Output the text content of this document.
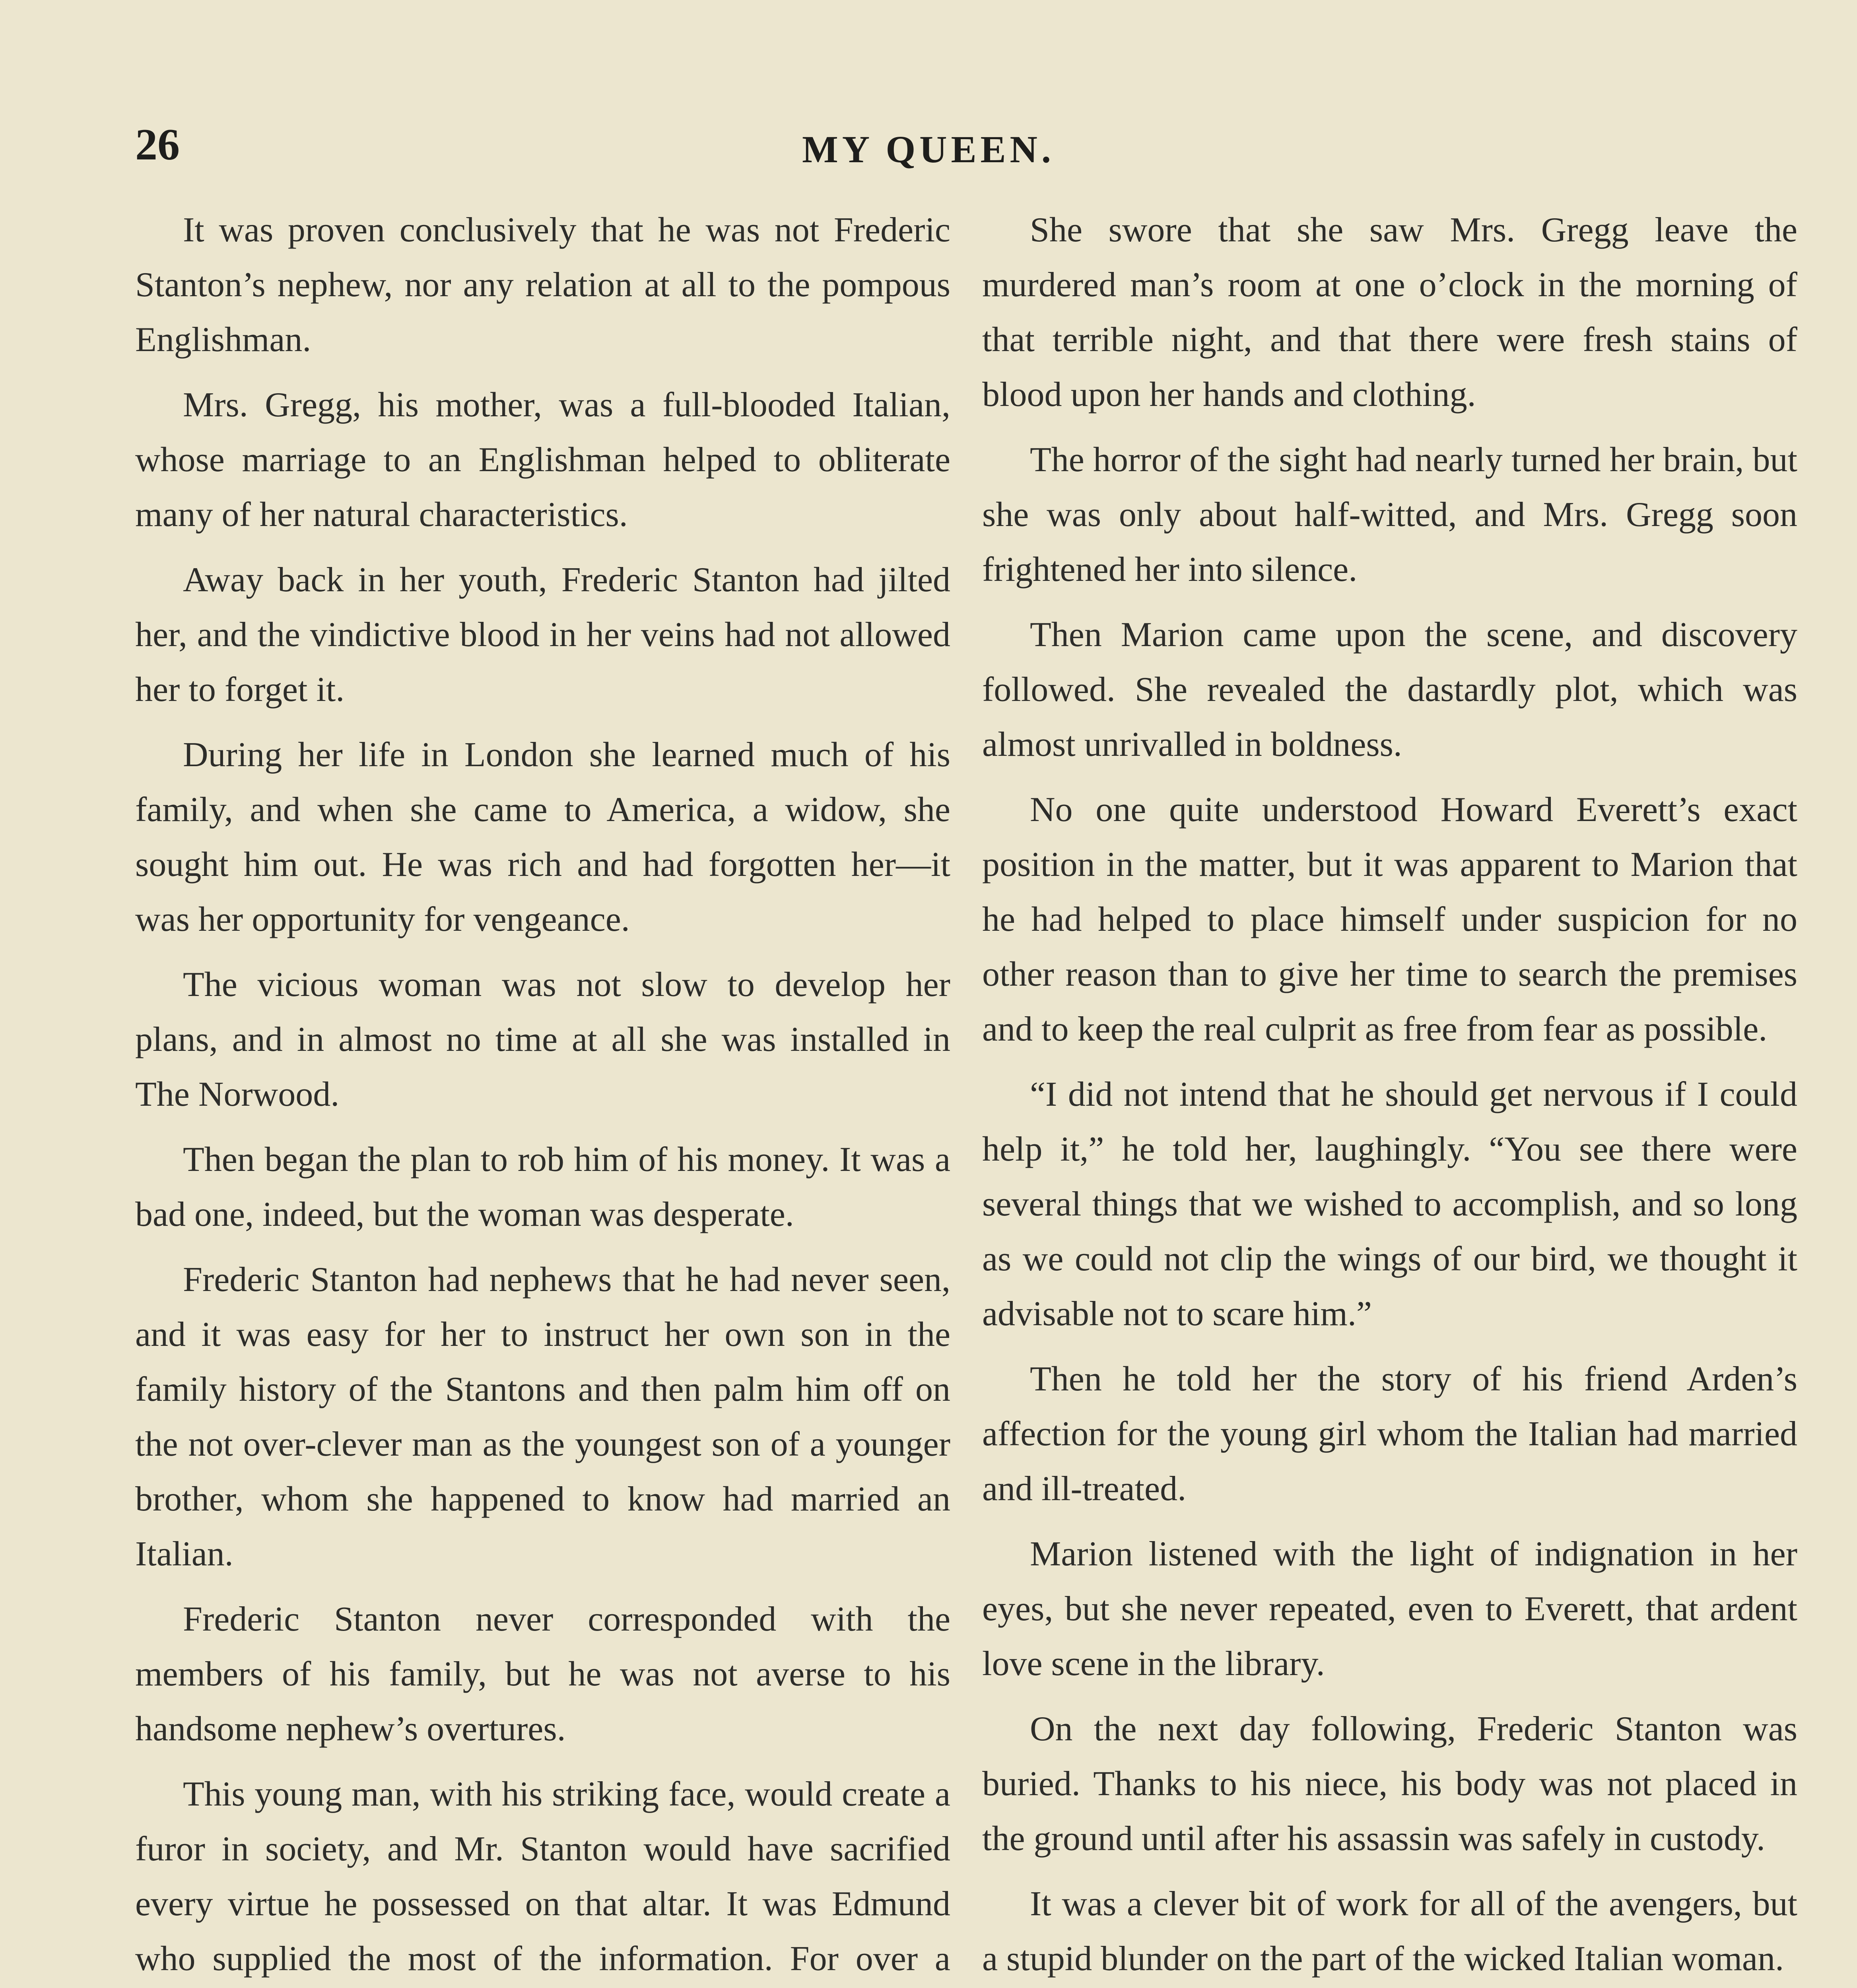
26	MY QUEEN.

It was proven conclusively that he was not Frederic Stanton’s nephew, nor any relation at all to the pompous Englishman.

Mrs. Gregg, his mother, was a full-blooded Italian, whose marriage to an Englishman helped to obliterate many of her natural characteristics.

Away back in her youth, Frederic Stanton had jilted her, and the vindictive blood in her veins had not allowed her to forget it.

During her life in London she learned much of his family, and when she came to America, a widow, she sought him out. He was rich and had forgotten her—it was her opportunity for vengeance.

The vicious woman was not slow to develop her plans, and in almost no time at all she was installed in The Norwood.

Then began the plan to rob him of his money. It was a bad one, indeed, but the woman was desperate.

Frederic Stanton had nephews that he had never seen, and it was easy for her to instruct her own son in the family history of the Stantons and then palm him off on the not over-clever man as the youngest son of a younger brother, whom she happened to know had married an Italian.

Frederic Stanton never corresponded with the members of his family, but he was not averse to his handsome nephew’s overtures.

This young man, with his striking face, would create a furor in society, and Mr. Stanton would have sacrified every virtue he possessed on that altar. It was Edmund who supplied the most of the information. For over a

She swore that she saw Mrs. Gregg leave the murdered man’s room at one o’clock in the morning of that terrible night, and that there were fresh stains of blood upon her hands and clothing.

The horror of the sight had nearly turned her brain, but she was only about half-witted, and Mrs. Gregg soon frightened her into silence.

Then Marion came upon the scene, and discovery followed. She revealed the dastardly plot, which was almost unrivalled in boldness.

No one quite understood Howard Everett’s exact position in the matter, but it was apparent to Marion that he had helped to place himself under suspicion for no other reason than to give her time to search the premises and to keep the real culprit as free from fear as possible.

“I did not intend that he should get nervous if I could help it,” he told her, laughingly. “You see there were several things that we wished to accomplish, and so long as we could not clip the wings of our bird, we thought it advisable not to scare him.”

Then he told her the story of his friend Arden’s affection for the young girl whom the Italian had married and ill-treated.

Marion listened with the light of indignation in her eyes, but she never repeated, even to Everett, that ardent love scene in the library.

On the next day following, Frederic Stanton was buried. Thanks to his niece, his body was not placed in the ground until after his assassin was safely in custody.

It was a clever bit of work for all of the avengers, but a stupid blunder on the part of the wicked Italian woman.
